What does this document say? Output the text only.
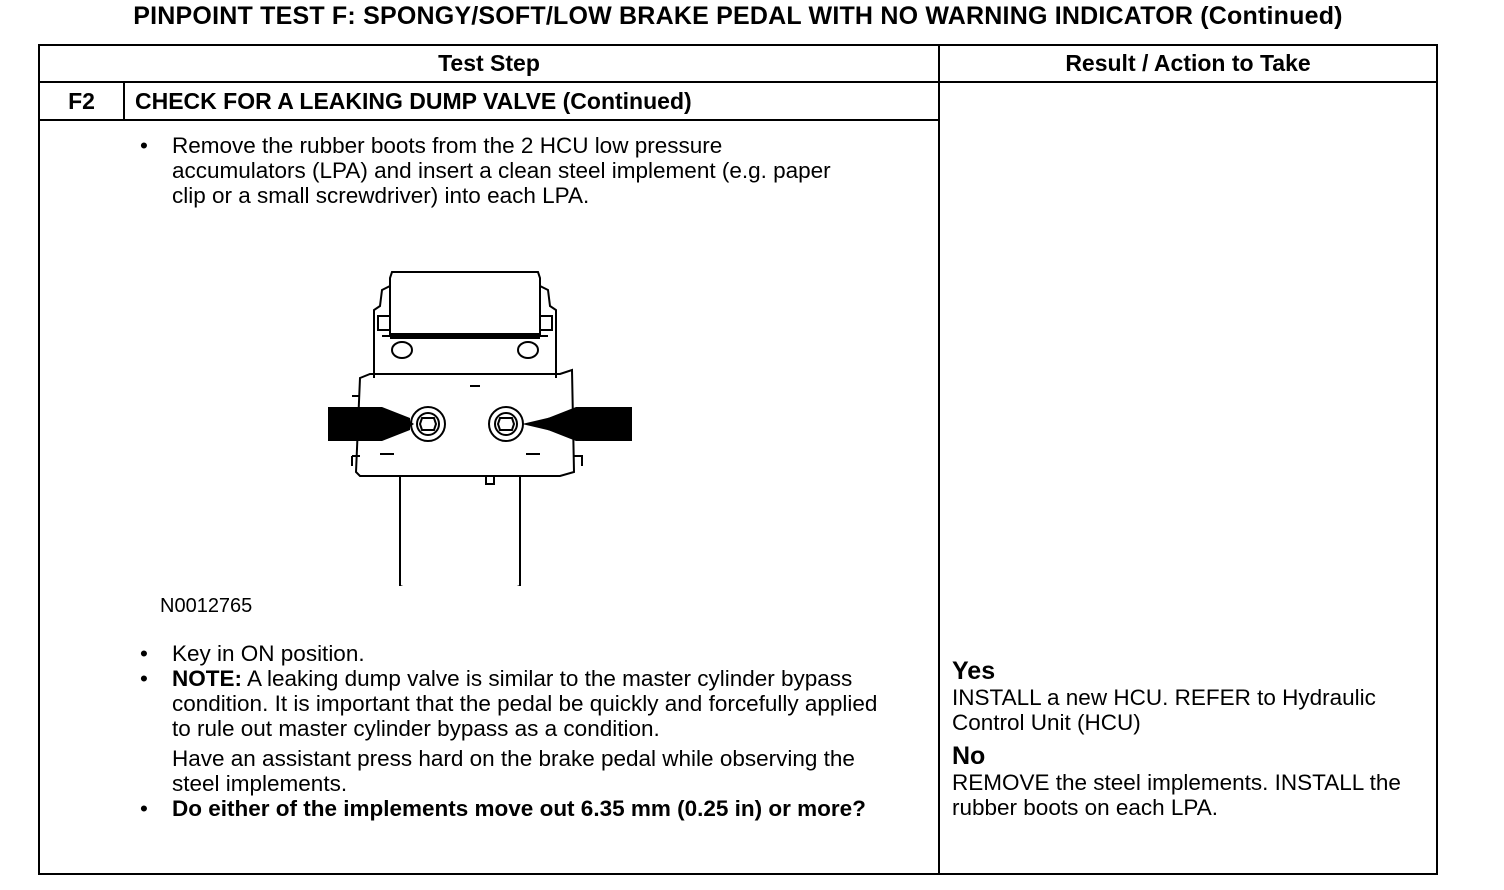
PINPOINT TEST F: SPONGY/SOFT/LOW BRAKE PEDAL WITH NO WARNING INDICATOR (Continued)
Test Step	Result / Action to Take
F2	CHECK FOR A LEAKING DUMP VALVE (Continued)
• Remove the rubber boots from the 2 HCU low pressure accumulators (LPA) and insert a clean steel implement (e.g. paper clip or a small screwdriver) into each LPA.
N0012765
• Key in ON position.
• NOTE: A leaking dump valve is similar to the master cylinder bypass condition. It is important that the pedal be quickly and forcefully applied to rule out master cylinder bypass as a condition.
Have an assistant press hard on the brake pedal while observing the steel implements.
• Do either of the implements move out 6.35 mm (0.25 in) or more?
Yes
INSTALL a new HCU. REFER to Hydraulic Control Unit (HCU)
No
REMOVE the steel implements. INSTALL the rubber boots on each LPA.
